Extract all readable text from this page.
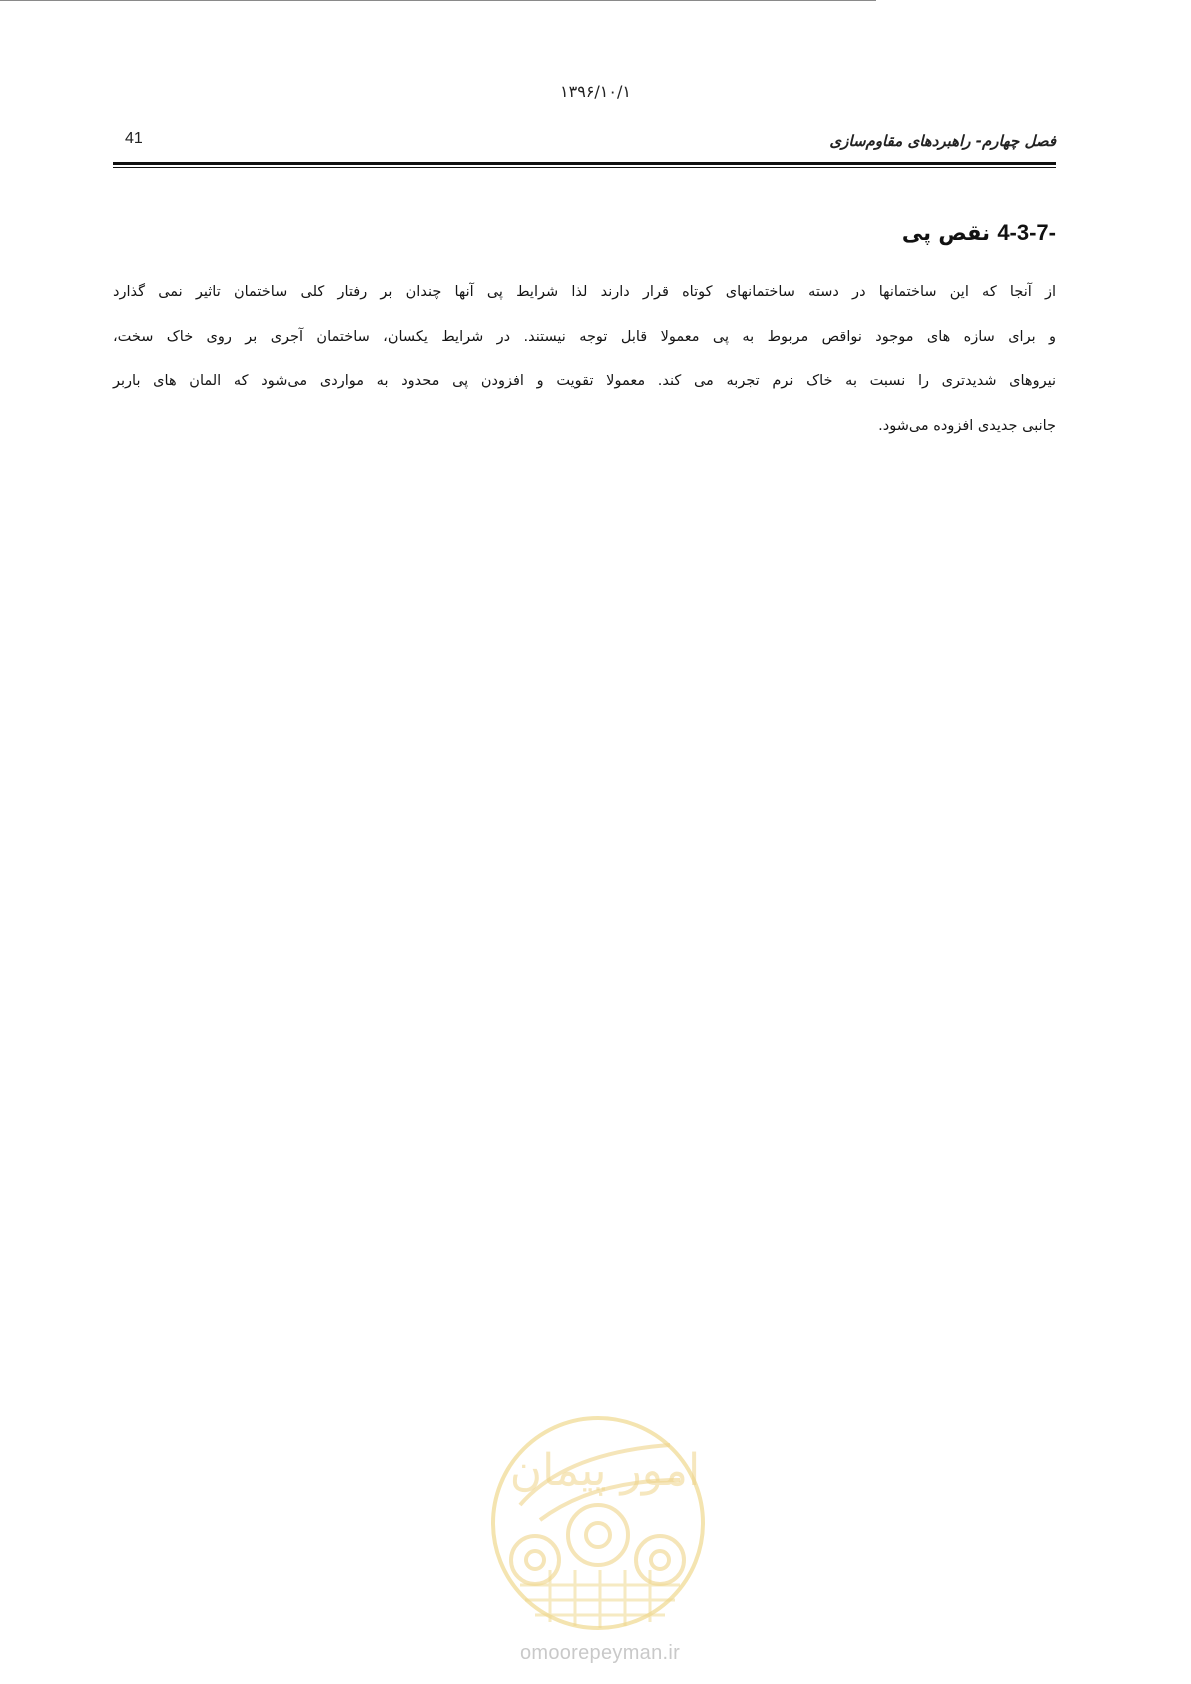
۱۳۹۶/۱۰/۱
41	فصل چهارم- راهبردهای مقاوم‌سازی
4-3-7- نقص پی
از آنجا که این ساختمانها در دسته ساختمانهای کوتاه قرار دارند لذا شرایط پی آنها چندان بر رفتار کلی ساختمان تاثیر نمی گذارد
و برای سازه های موجود نواقص مربوط به پی معمولا قابل توجه نیستند. در شرایط یکسان، ساختمان آجری بر روی خاک سخت،
نیروهای شدیدتری را نسبت به خاک نرم تجربه می کند. معمولا تقویت و افزودن پی محدود به مواردی می‌شود که المان های باربر
جانبی جدیدی افزوده می‌شود.
امور پیمان
omoorepeyman.ir
